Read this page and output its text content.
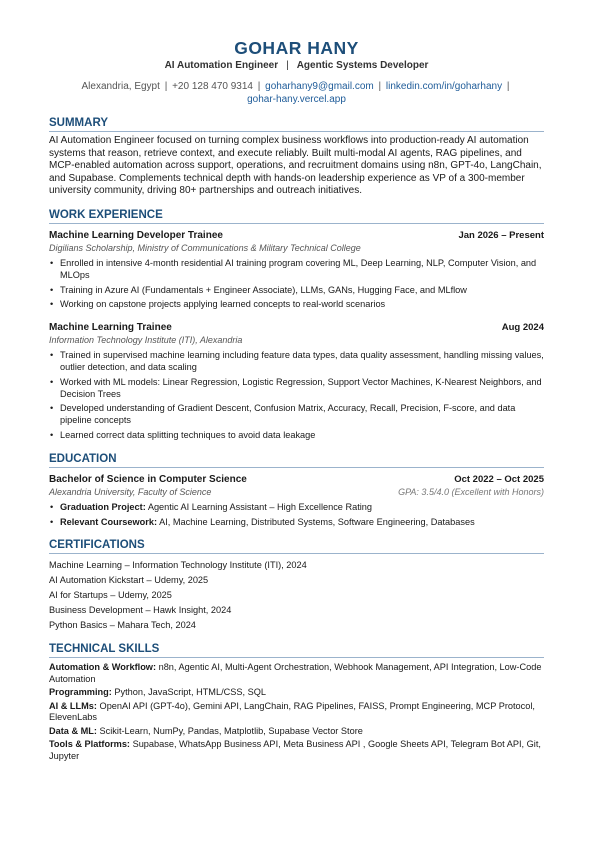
GOHAR HANY
AI Automation Engineer | Agentic Systems Developer
Alexandria, Egypt | +20 128 470 9314 | goharhany9@gmail.com | linkedin.com/in/goharhany |
gohar-hany.vercel.app
SUMMARY
AI Automation Engineer focused on turning complex business workflows into production-ready AI automation systems that reason, retrieve context, and execute reliably. Built multi-modal AI agents, RAG pipelines, and MCP-enabled automation across support, operations, and recruitment domains using n8n, GPT-4o, LangChain, and Supabase. Complements technical depth with hands-on leadership experience as VP of a 300-member university community, driving 80+ partnerships and outreach initiatives.
WORK EXPERIENCE
Machine Learning Developer Trainee	Jan 2026 – Present
Digilians Scholarship, Ministry of Communications & Military Technical College
• Enrolled in intensive 4-month residential AI training program covering ML, Deep Learning, NLP, Computer Vision, and MLOps
• Training in Azure AI (Fundamentals + Engineer Associate), LLMs, GANs, Hugging Face, and MLflow
• Working on capstone projects applying learned concepts to real-world scenarios
Machine Learning Trainee	Aug 2024
Information Technology Institute (ITI), Alexandria
• Trained in supervised machine learning including feature data types, data quality assessment, handling missing values, outlier detection, and data scaling
• Worked with ML models: Linear Regression, Logistic Regression, Support Vector Machines, K-Nearest Neighbors, and Decision Trees
• Developed understanding of Gradient Descent, Confusion Matrix, Accuracy, Recall, Precision, F-score, and data pipeline concepts
• Learned correct data splitting techniques to avoid data leakage
EDUCATION
Bachelor of Science in Computer Science	Oct 2022 – Oct 2025
Alexandria University, Faculty of Science	GPA: 3.5/4.0 (Excellent with Honors)
• Graduation Project: Agentic AI Learning Assistant – High Excellence Rating
• Relevant Coursework: AI, Machine Learning, Distributed Systems, Software Engineering, Databases
CERTIFICATIONS
Machine Learning – Information Technology Institute (ITI), 2024
AI Automation Kickstart – Udemy, 2025
AI for Startups – Udemy, 2025
Business Development – Hawk Insight, 2024
Python Basics – Mahara Tech, 2024
TECHNICAL SKILLS
Automation & Workflow: n8n, Agentic AI, Multi-Agent Orchestration, Webhook Management, API Integration, Low-Code Automation
Programming: Python, JavaScript, HTML/CSS, SQL
AI & LLMs: OpenAI API (GPT-4o), Gemini API, LangChain, RAG Pipelines, FAISS, Prompt Engineering, MCP Protocol, ElevenLabs
Data & ML: Scikit-Learn, NumPy, Pandas, Matplotlib, Supabase Vector Store
Tools & Platforms: Supabase, WhatsApp Business API, Meta Business API , Google Sheets API, Telegram Bot API, Git, Jupyter
